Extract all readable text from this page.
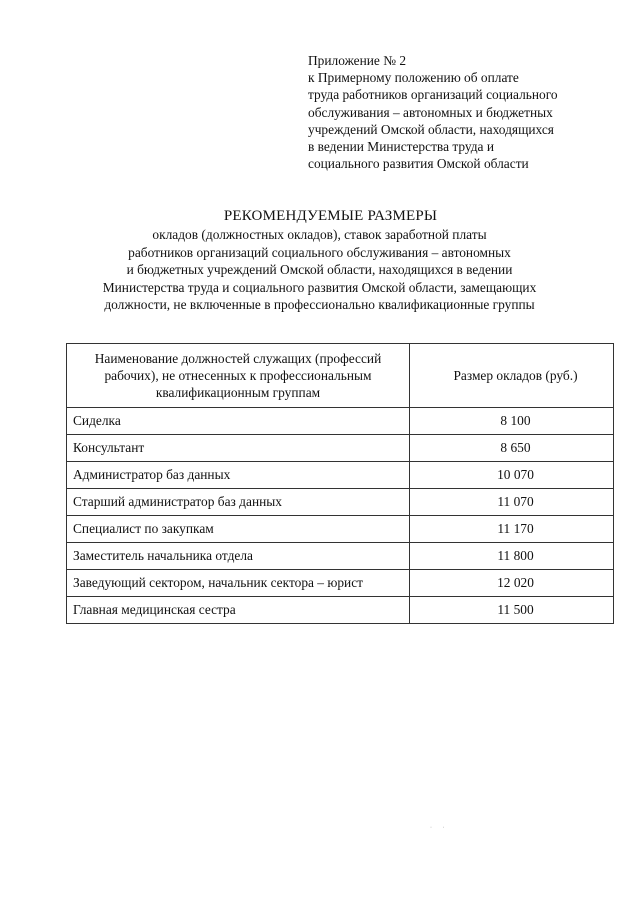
Приложение № 2
к Примерному положению об оплате
труда работников организаций социального
обслуживания – автономных и бюджетных
учреждений Омской области, находящихся
в ведении Министерства труда и
социального развития Омской области
РЕКОМЕНДУЕМЫЕ РАЗМЕРЫ
окладов (должностных окладов), ставок заработной платы
работников организаций социального обслуживания – автономных
и бюджетных учреждений Омской области, находящихся в ведении
Министерства труда и социального развития Омской области, замещающих
должности, не включенные в профессионально квалификационные группы
Наименование должностей служащих (профессий рабочих), не отнесенных к профессиональным квалификационным группам	Размер окладов (руб.)
Сиделка	8 100
Консультант	8 650
Администратор баз данных	10 070
Старший администратор баз данных	11 070
Специалист по закупкам	11 170
Заместитель начальника отдела	11 800
Заведующий сектором, начальник сектора – юрист	12 020
Главная медицинская сестра	11 500
·       ·
